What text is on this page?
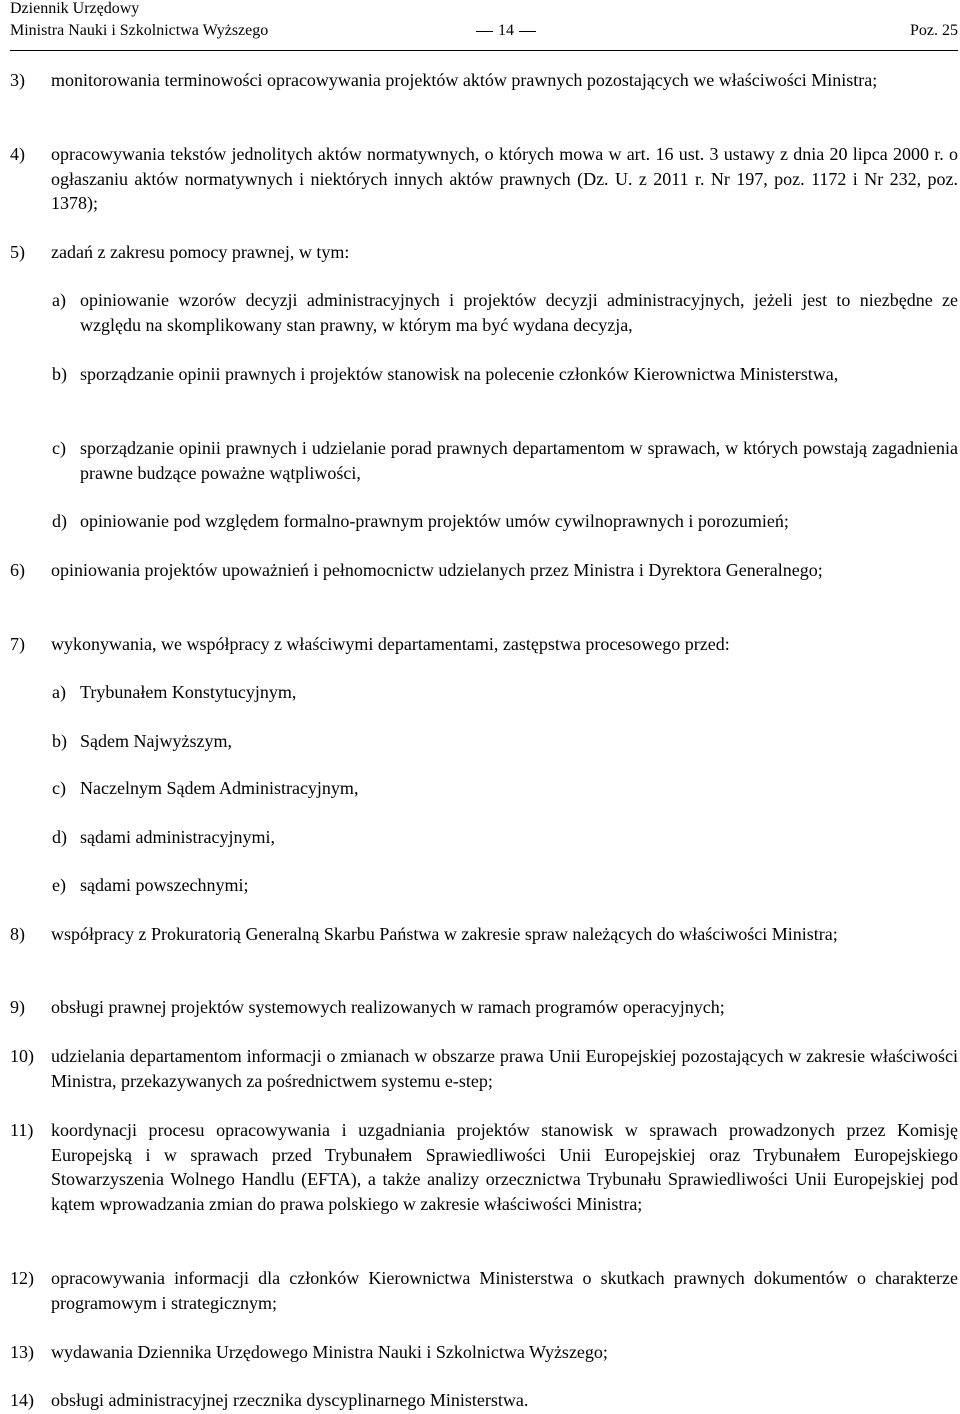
Dziennik Urzędowy
Ministra Nauki i Szkolnictwa Wyższego	14	Poz. 25
3) monitorowania terminowości opracowywania projektów aktów prawnych pozostających we właściwości Ministra;
4) opracowywania tekstów jednolitych aktów normatywnych, o których mowa w art. 16 ust. 3 ustawy z dnia 20 lipca 2000 r. o ogłaszaniu aktów normatywnych i niektórych innych aktów prawnych (Dz. U. z 2011 r. Nr 197, poz. 1172 i Nr 232, poz. 1378);
5) zadań z zakresu pomocy prawnej, w tym:
a) opiniowanie wzorów decyzji administracyjnych i projektów decyzji administracyjnych, jeżeli jest to niezbędne ze względu na skomplikowany stan prawny, w którym ma być wydana decyzja,
b) sporządzanie opinii prawnych i projektów stanowisk na polecenie członków Kierownictwa Ministerstwa,
c) sporządzanie opinii prawnych i udzielanie porad prawnych departamentom w sprawach, w których powstają zagadnienia prawne budzące poważne wątpliwości,
d) opiniowanie pod względem formalno-prawnym projektów umów cywilnoprawnych i porozumień;
6) opiniowania projektów upoważnień i pełnomocnictw udzielanych przez Ministra i Dyrektora Generalnego;
7) wykonywania, we współpracy z właściwymi departamentami, zastępstwa procesowego przed:
a) Trybunałem Konstytucyjnym,
b) Sądem Najwyższym,
c) Naczelnym Sądem Administracyjnym,
d) sądami administracyjnymi,
e) sądami powszechnymi;
8) współpracy z Prokuratorią Generalną Skarbu Państwa w zakresie spraw należących do właściwości Ministra;
9) obsługi prawnej projektów systemowych realizowanych w ramach programów operacyjnych;
10) udzielania departamentom informacji o zmianach w obszarze prawa Unii Europejskiej pozostających w zakresie właściwości Ministra, przekazywanych za pośrednictwem systemu e-step;
11) koordynacji procesu opracowywania i uzgadniania projektów stanowisk w sprawach prowadzonych przez Komisję Europejską i w sprawach przed Trybunałem Sprawiedliwości Unii Europejskiej oraz Trybunałem Europejskiego Stowarzyszenia Wolnego Handlu (EFTA), a także analizy orzecznictwa Trybunału Sprawiedliwości Unii Europejskiej pod kątem wprowadzania zmian do prawa polskiego w zakresie właściwości Ministra;
12) opracowywania informacji dla członków Kierownictwa Ministerstwa o skutkach prawnych dokumentów o charakterze programowym i strategicznym;
13) wydawania Dziennika Urzędowego Ministra Nauki i Szkolnictwa Wyższego;
14) obsługi administracyjnej rzecznika dyscyplinarnego Ministerstwa.
